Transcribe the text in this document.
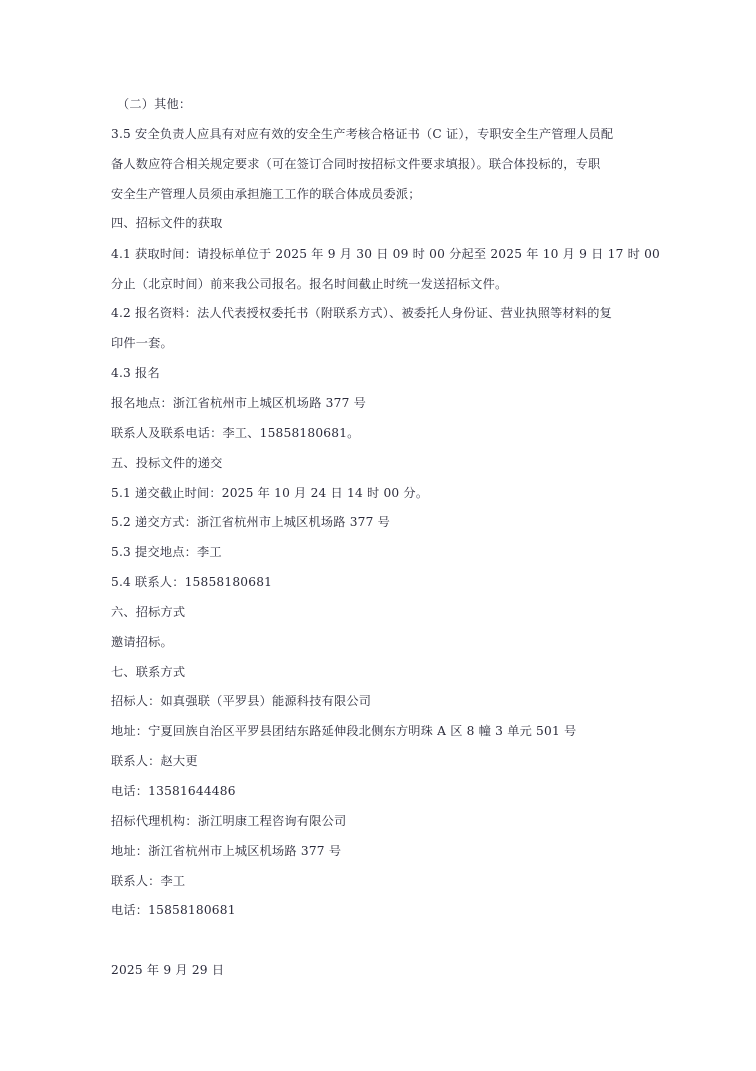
（二）其他：
3.5 安全负责人应具有对应有效的安全生产考核合格证书（C 证），专职安全生产管理人员配
备人数应符合相关规定要求（可在签订合同时按招标文件要求填报）。联合体投标的，专职
安全生产管理人员须由承担施工工作的联合体成员委派；
四、招标文件的获取
4.1 获取时间：请投标单位于 2025 年 9 月 30 日 09 时 00 分起至 2025 年 10 月 9 日 17 时 00
分止（北京时间）前来我公司报名。报名时间截止时统一发送招标文件。
4.2 报名资料：法人代表授权委托书（附联系方式）、被委托人身份证、营业执照等材料的复
印件一套。
4.3 报名
报名地点：浙江省杭州市上城区机场路 377 号
联系人及联系电话：李工、15858180681。
五、投标文件的递交
5.1 递交截止时间：2025 年 10 月 24 日 14 时 00 分。
5.2 递交方式：浙江省杭州市上城区机场路 377 号
5.3 提交地点：李工
5.4 联系人：15858180681
六、招标方式
邀请招标。
七、联系方式
招标人：如真强联（平罗县）能源科技有限公司
地址：宁夏回族自治区平罗县团结东路延伸段北侧东方明珠 A 区 8 幢 3 单元 501 号
联系人：赵大更
电话：13581644486
招标代理机构：浙江明康工程咨询有限公司
地址：浙江省杭州市上城区机场路 377 号
联系人：李工
电话：15858180681
2025 年 9 月 29 日
